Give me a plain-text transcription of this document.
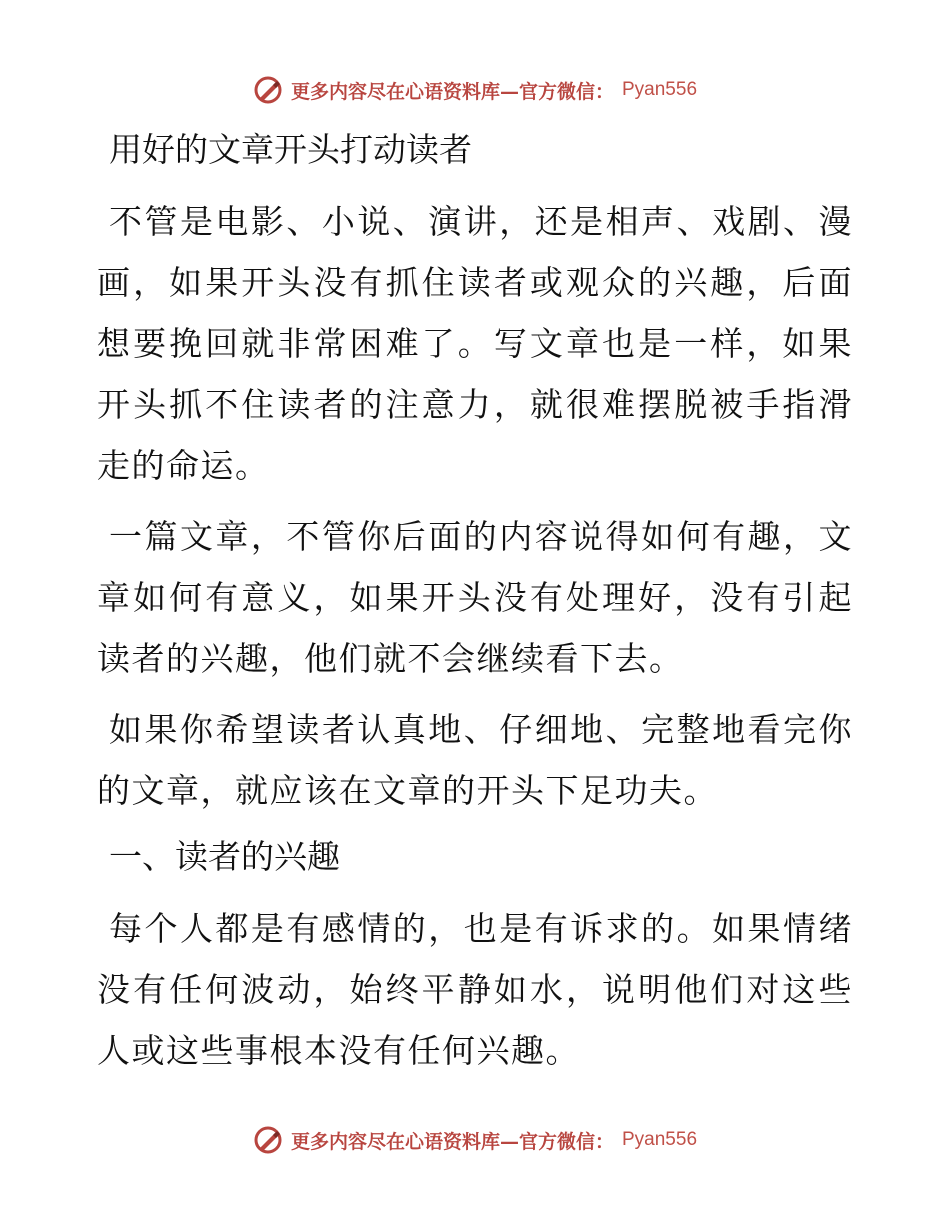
更多内容尽在心语资料库—官方微信： Pyan556
用好的文章开头打动读者

不管是电影、小说、演讲，还是相声、戏剧、漫画，如果开头没有抓住读者或观众的兴趣，后面想要挽回就非常困难了。写文章也是一样，如果开头抓不住读者的注意力，就很难摆脱被手指滑走的命运。

一篇文章，不管你后面的内容说得如何有趣，文章如何有意义，如果开头没有处理好，没有引起读者的兴趣，他们就不会继续看下去。

如果你希望读者认真地、仔细地、完整地看完你的文章，就应该在文章的开头下足功夫。

一、读者的兴趣

每个人都是有感情的，也是有诉求的。如果情绪没有任何波动，始终平静如水，说明他们对这些人或这些事根本没有任何兴趣。

更多内容尽在心语资料库—官方微信： Pyan556
